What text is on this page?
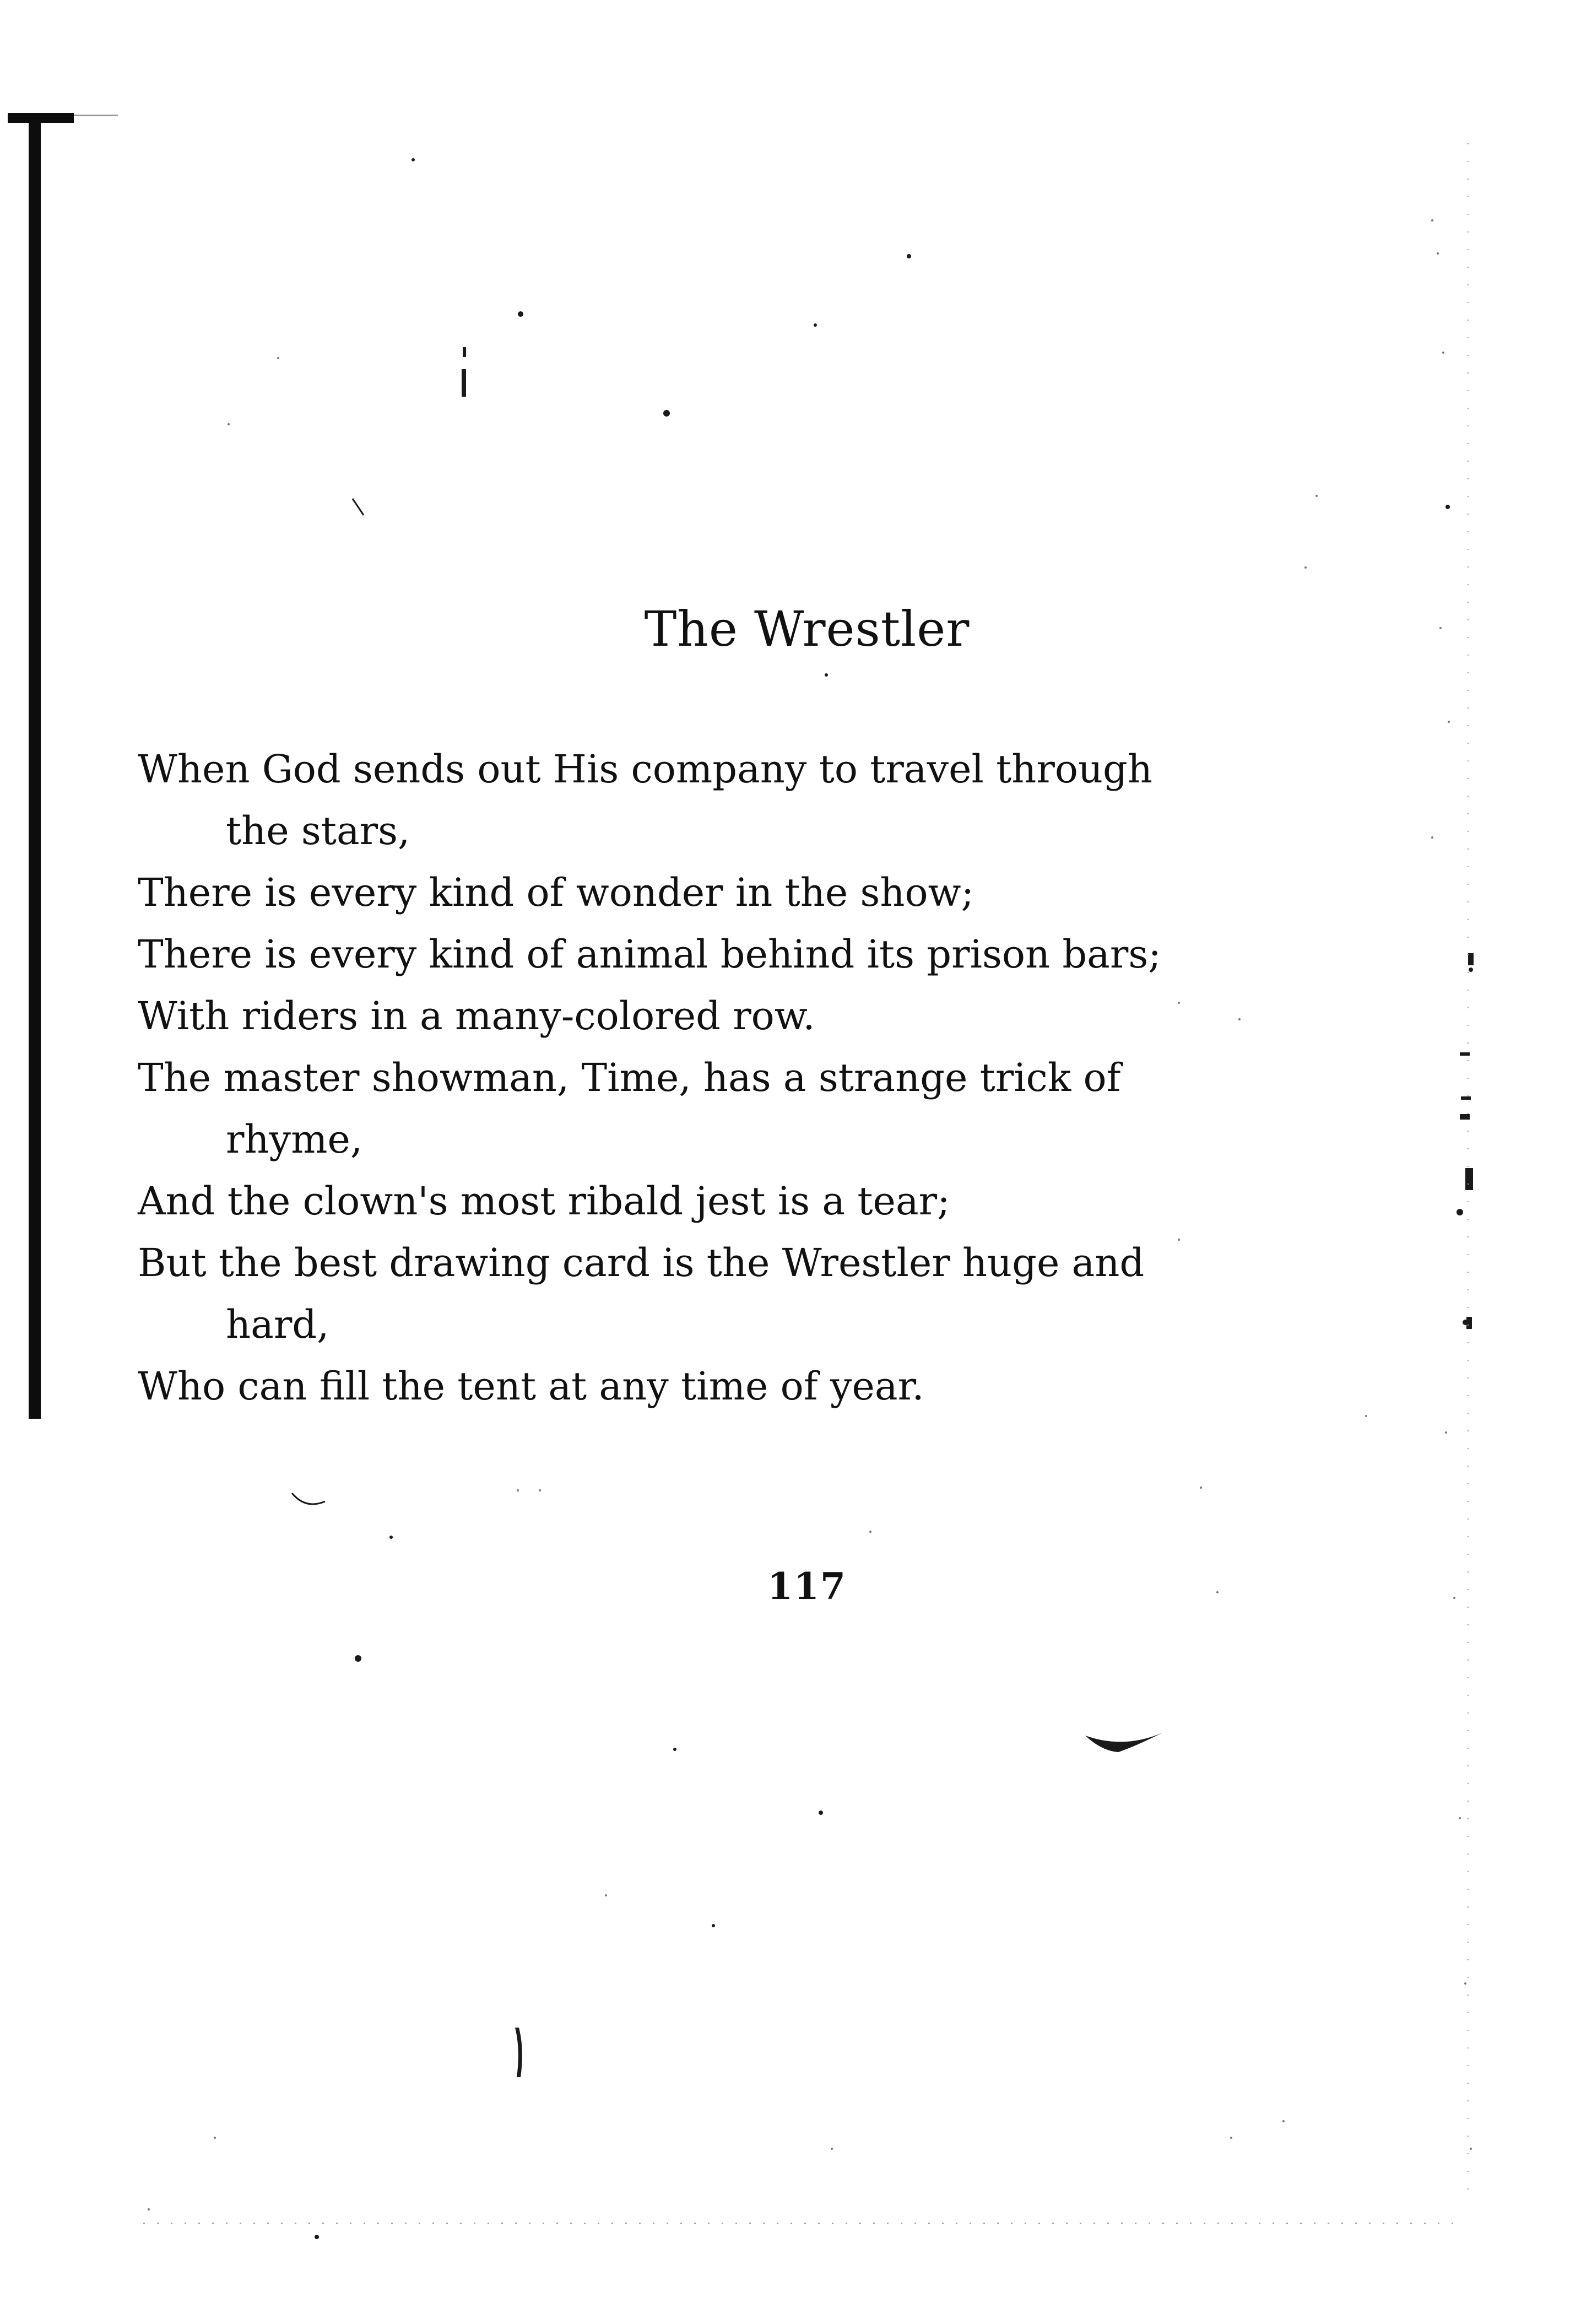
The Wrestler
When God sends out His company to travel through
the stars,
There is every kind of wonder in the show;
There is every kind of animal behind its prison bars;
With riders in a many-colored row.
The master showman, Time, has a strange trick of
rhyme,
And the clown's most ribald jest is a tear;
But the best drawing card is the Wrestler huge and
hard,
Who can fill the tent at any time of year.
117
